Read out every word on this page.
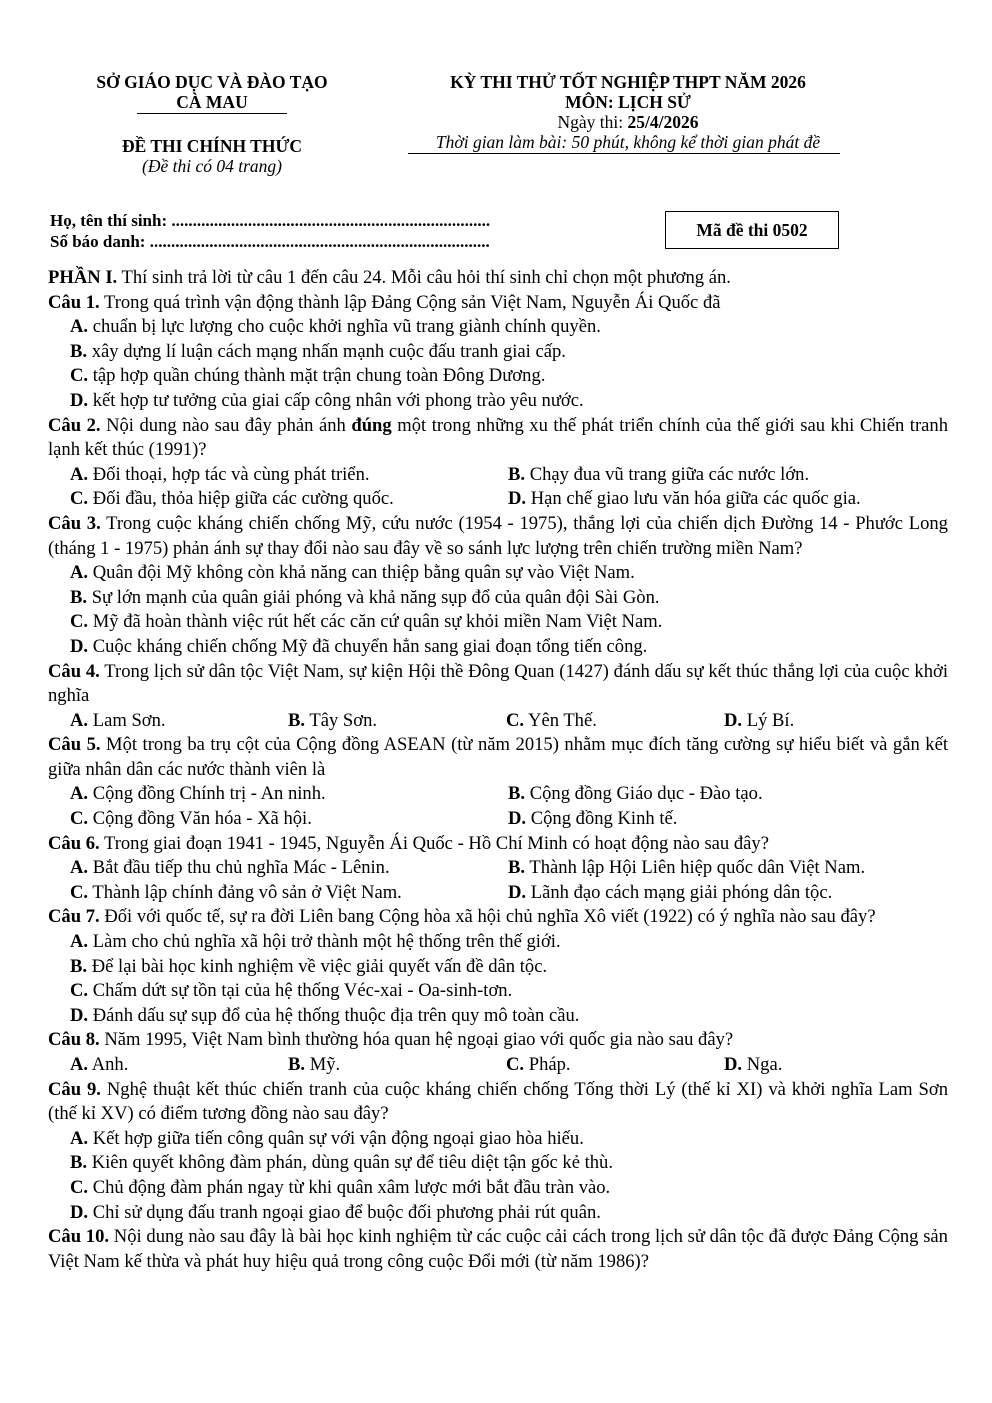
SỞ GIÁO DỤC VÀ ĐÀO TẠO
CÀ MAU
ĐỀ THI CHÍNH THỨC
(Đề thi có 04 trang)
KỲ THI THỬ TỐT NGHIỆP THPT NĂM 2026
MÔN: LỊCH SỬ
Ngày thi: 25/4/2026
Thời gian làm bài: 50 phút, không kể thời gian phát đề
Họ, tên thí sinh: ...........................................................................
Số báo danh: ................................................................................
Mã đề thi 0502
PHẦN I. Thí sinh trả lời từ câu 1 đến câu 24. Mỗi câu hỏi thí sinh chỉ chọn một phương án.
Câu 1. Trong quá trình vận động thành lập Đảng Cộng sản Việt Nam, Nguyễn Ái Quốc đã
A. chuẩn bị lực lượng cho cuộc khởi nghĩa vũ trang giành chính quyền.
B. xây dựng lí luận cách mạng nhấn mạnh cuộc đấu tranh giai cấp.
C. tập hợp quần chúng thành mặt trận chung toàn Đông Dương.
D. kết hợp tư tưởng của giai cấp công nhân với phong trào yêu nước.
Câu 2. Nội dung nào sau đây phản ánh đúng một trong những xu thế phát triển chính của thế giới sau khi Chiến tranh lạnh kết thúc (1991)?
A. Đối thoại, hợp tác và cùng phát triển.	B. Chạy đua vũ trang giữa các nước lớn.
C. Đối đầu, thỏa hiệp giữa các cường quốc.	D. Hạn chế giao lưu văn hóa giữa các quốc gia.
Câu 3. Trong cuộc kháng chiến chống Mỹ, cứu nước (1954 - 1975), thắng lợi của chiến dịch Đường 14 - Phước Long (tháng 1 - 1975) phản ánh sự thay đổi nào sau đây về so sánh lực lượng trên chiến trường miền Nam?
A. Quân đội Mỹ không còn khả năng can thiệp bằng quân sự vào Việt Nam.
B. Sự lớn mạnh của quân giải phóng và khả năng sụp đổ của quân đội Sài Gòn.
C. Mỹ đã hoàn thành việc rút hết các căn cứ quân sự khỏi miền Nam Việt Nam.
D. Cuộc kháng chiến chống Mỹ đã chuyển hẳn sang giai đoạn tổng tiến công.
Câu 4. Trong lịch sử dân tộc Việt Nam, sự kiện Hội thề Đông Quan (1427) đánh dấu sự kết thúc thắng lợi của cuộc khởi nghĩa
A. Lam Sơn.	B. Tây Sơn.	C. Yên Thế.	D. Lý Bí.
Câu 5. Một trong ba trụ cột của Cộng đồng ASEAN (từ năm 2015) nhằm mục đích tăng cường sự hiểu biết và gắn kết giữa nhân dân các nước thành viên là
A. Cộng đồng Chính trị - An ninh.	B. Cộng đồng Giáo dục - Đào tạo.
C. Cộng đồng Văn hóa - Xã hội.	D. Cộng đồng Kinh tế.
Câu 6. Trong giai đoạn 1941 - 1945, Nguyễn Ái Quốc - Hồ Chí Minh có hoạt động nào sau đây?
A. Bắt đầu tiếp thu chủ nghĩa Mác - Lênin.	B. Thành lập Hội Liên hiệp quốc dân Việt Nam.
C. Thành lập chính đảng vô sản ở Việt Nam.	D. Lãnh đạo cách mạng giải phóng dân tộc.
Câu 7. Đối với quốc tế, sự ra đời Liên bang Cộng hòa xã hội chủ nghĩa Xô viết (1922) có ý nghĩa nào sau đây?
A. Làm cho chủ nghĩa xã hội trở thành một hệ thống trên thế giới.
B. Để lại bài học kinh nghiệm về việc giải quyết vấn đề dân tộc.
C. Chấm dứt sự tồn tại của hệ thống Véc-xai - Oa-sinh-tơn.
D. Đánh dấu sự sụp đổ của hệ thống thuộc địa trên quy mô toàn cầu.
Câu 8. Năm 1995, Việt Nam bình thường hóa quan hệ ngoại giao với quốc gia nào sau đây?
A. Anh.	B. Mỹ.	C. Pháp.	D. Nga.
Câu 9. Nghệ thuật kết thúc chiến tranh của cuộc kháng chiến chống Tống thời Lý (thế kỉ XI) và khởi nghĩa Lam Sơn (thế kỉ XV) có điểm tương đồng nào sau đây?
A. Kết hợp giữa tiến công quân sự với vận động ngoại giao hòa hiếu.
B. Kiên quyết không đàm phán, dùng quân sự để tiêu diệt tận gốc kẻ thù.
C. Chủ động đàm phán ngay từ khi quân xâm lược mới bắt đầu tràn vào.
D. Chỉ sử dụng đấu tranh ngoại giao để buộc đối phương phải rút quân.
Câu 10. Nội dung nào sau đây là bài học kinh nghiệm từ các cuộc cải cách trong lịch sử dân tộc đã được Đảng Cộng sản Việt Nam kế thừa và phát huy hiệu quả trong công cuộc Đổi mới (từ năm 1986)?
